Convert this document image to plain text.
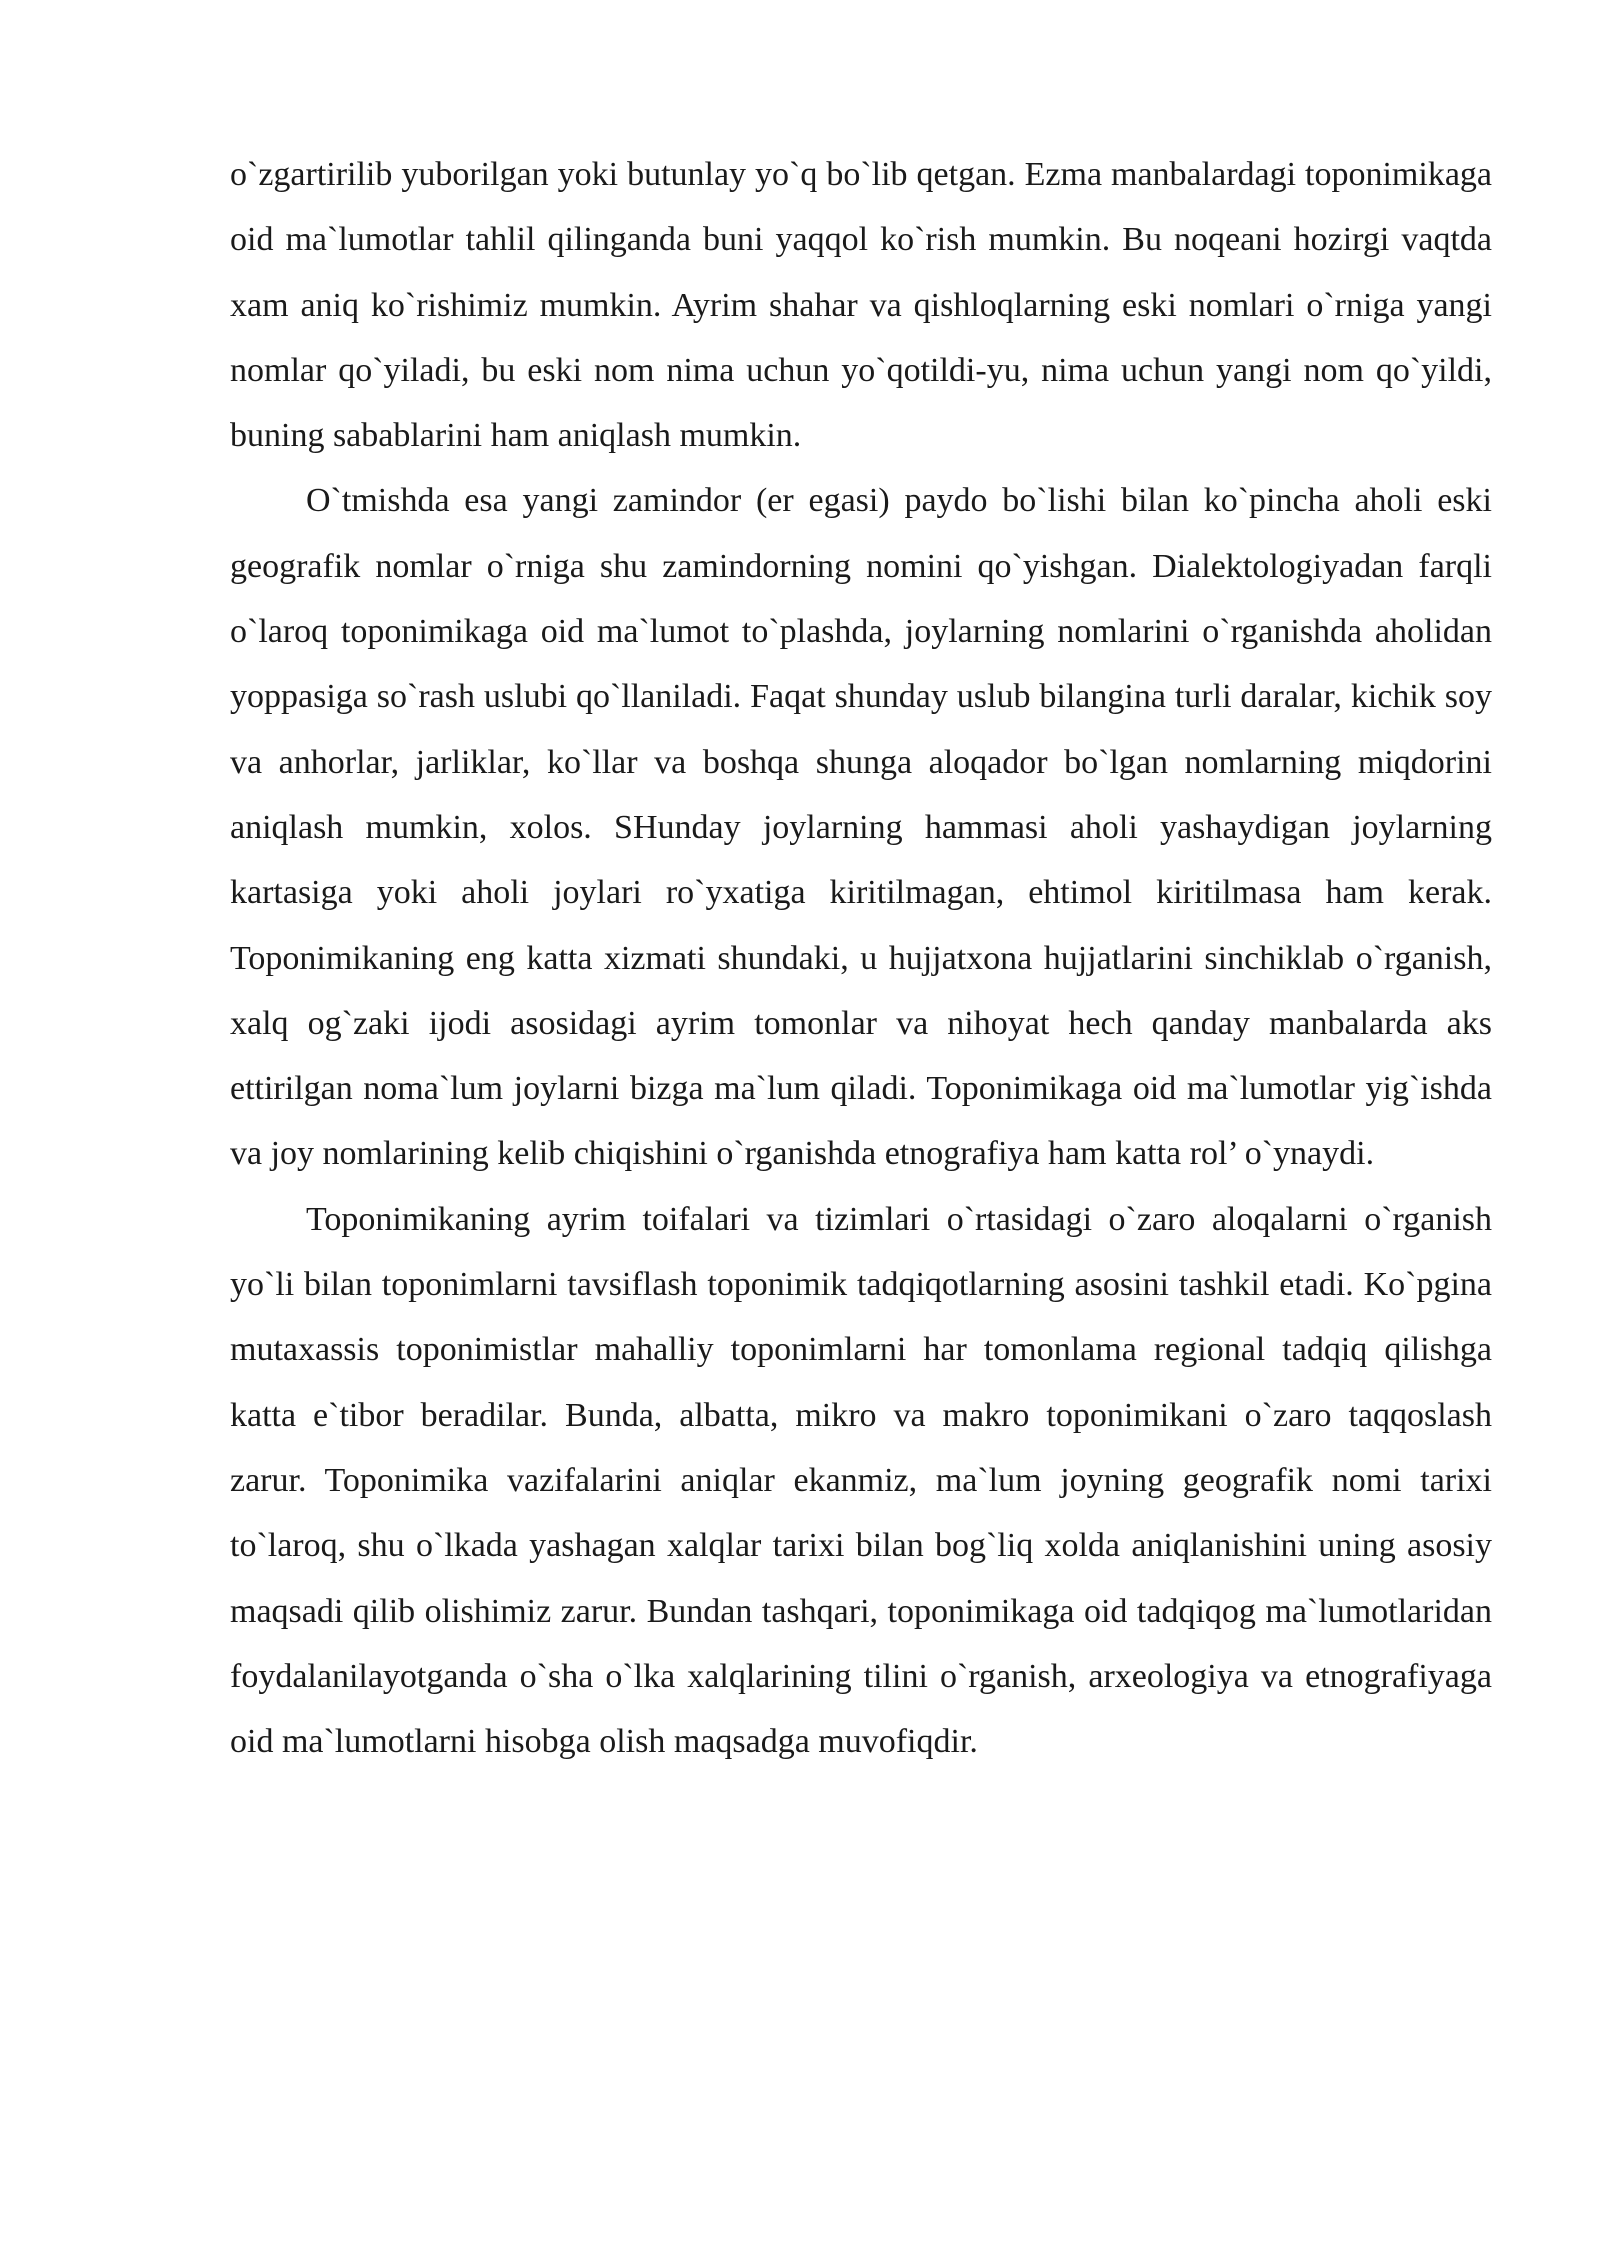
o`zgartirilib yuborilgan yoki butunlay yo`q bo`lib qetgan. Ezma manbalardagi toponimikaga oid ma`lumotlar tahlil qilinganda buni yaqqol ko`rish mumkin. Bu noqeani hozirgi vaqtda xam aniq ko`rishimiz mumkin. Ayrim shahar va qishloqlarning eski nomlari o`rniga yangi nomlar qo`yiladi, bu eski nom nima uchun yo`qotildi-yu, nima uchun yangi nom qo`yildi, buning sabablarini ham aniqlash mumkin.

O`tmishda esa yangi zamindor (er egasi) paydo bo`lishi bilan ko`pincha aholi eski geografik nomlar o`rniga shu zamindorning nomini qo`yishgan. Dialektologiyadan farqli o`laroq toponimikaga oid ma`lumot to`plashda, joylarning nomlarini o`rganishda aholidan yoppasiga so`rash uslubi qo`llaniladi. Faqat shunday uslub bilangina turli daralar, kichik soy va anhorlar, jarliklar, ko`llar va boshqa shunga aloqador bo`lgan nomlarning miqdorini aniqlash mumkin, xolos. SHunday joylarning hammasi aholi yashaydigan joylarning kartasiga yoki aholi joylari ro`yxatiga kiritilmagan, ehtimol kiritilmasa ham kerak. Toponimikaning eng katta xizmati shundaki, u hujjatxona hujjatlarini sinchiklab o`rganish, xalq og`zaki ijodi asosidagi ayrim tomonlar va nihoyat hech qanday manbalarda aks ettirilgan noma`lum joylarni bizga ma`lum qiladi. Toponimikaga oid ma`lumotlar yig`ishda va joy nomlarining kelib chiqishini o`rganishda etnografiya ham katta rol’ o`ynaydi.

Toponimikaning ayrim toifalari va tizimlari o`rtasidagi o`zaro aloqalarni o`rganish yo`li bilan toponimlarni tavsiflash toponimik tadqiqotlarning asosini tashkil etadi. Ko`pgina mutaxassis toponimistlar mahalliy toponimlarni har tomonlama regional tadqiq qilishga katta e`tibor beradilar. Bunda, albatta, mikro va makro toponimikani o`zaro taqqoslash zarur. Toponimika vazifalarini aniqlar ekanmiz, ma`lum joyning geografik nomi tarixi to`laroq, shu o`lkada yashagan xalqlar tarixi bilan bog`liq xolda aniqlanishini uning asosiy maqsadi qilib olishimiz zarur. Bundan tashqari, toponimikaga oid tadqiqog ma`lumotlaridan foydalanilayotganda o`sha o`lka xalqlarining tilini o`rganish, arxeologiya va etnografiyaga oid ma`lumotlarni hisobga olish maqsadga muvofiqdir.
